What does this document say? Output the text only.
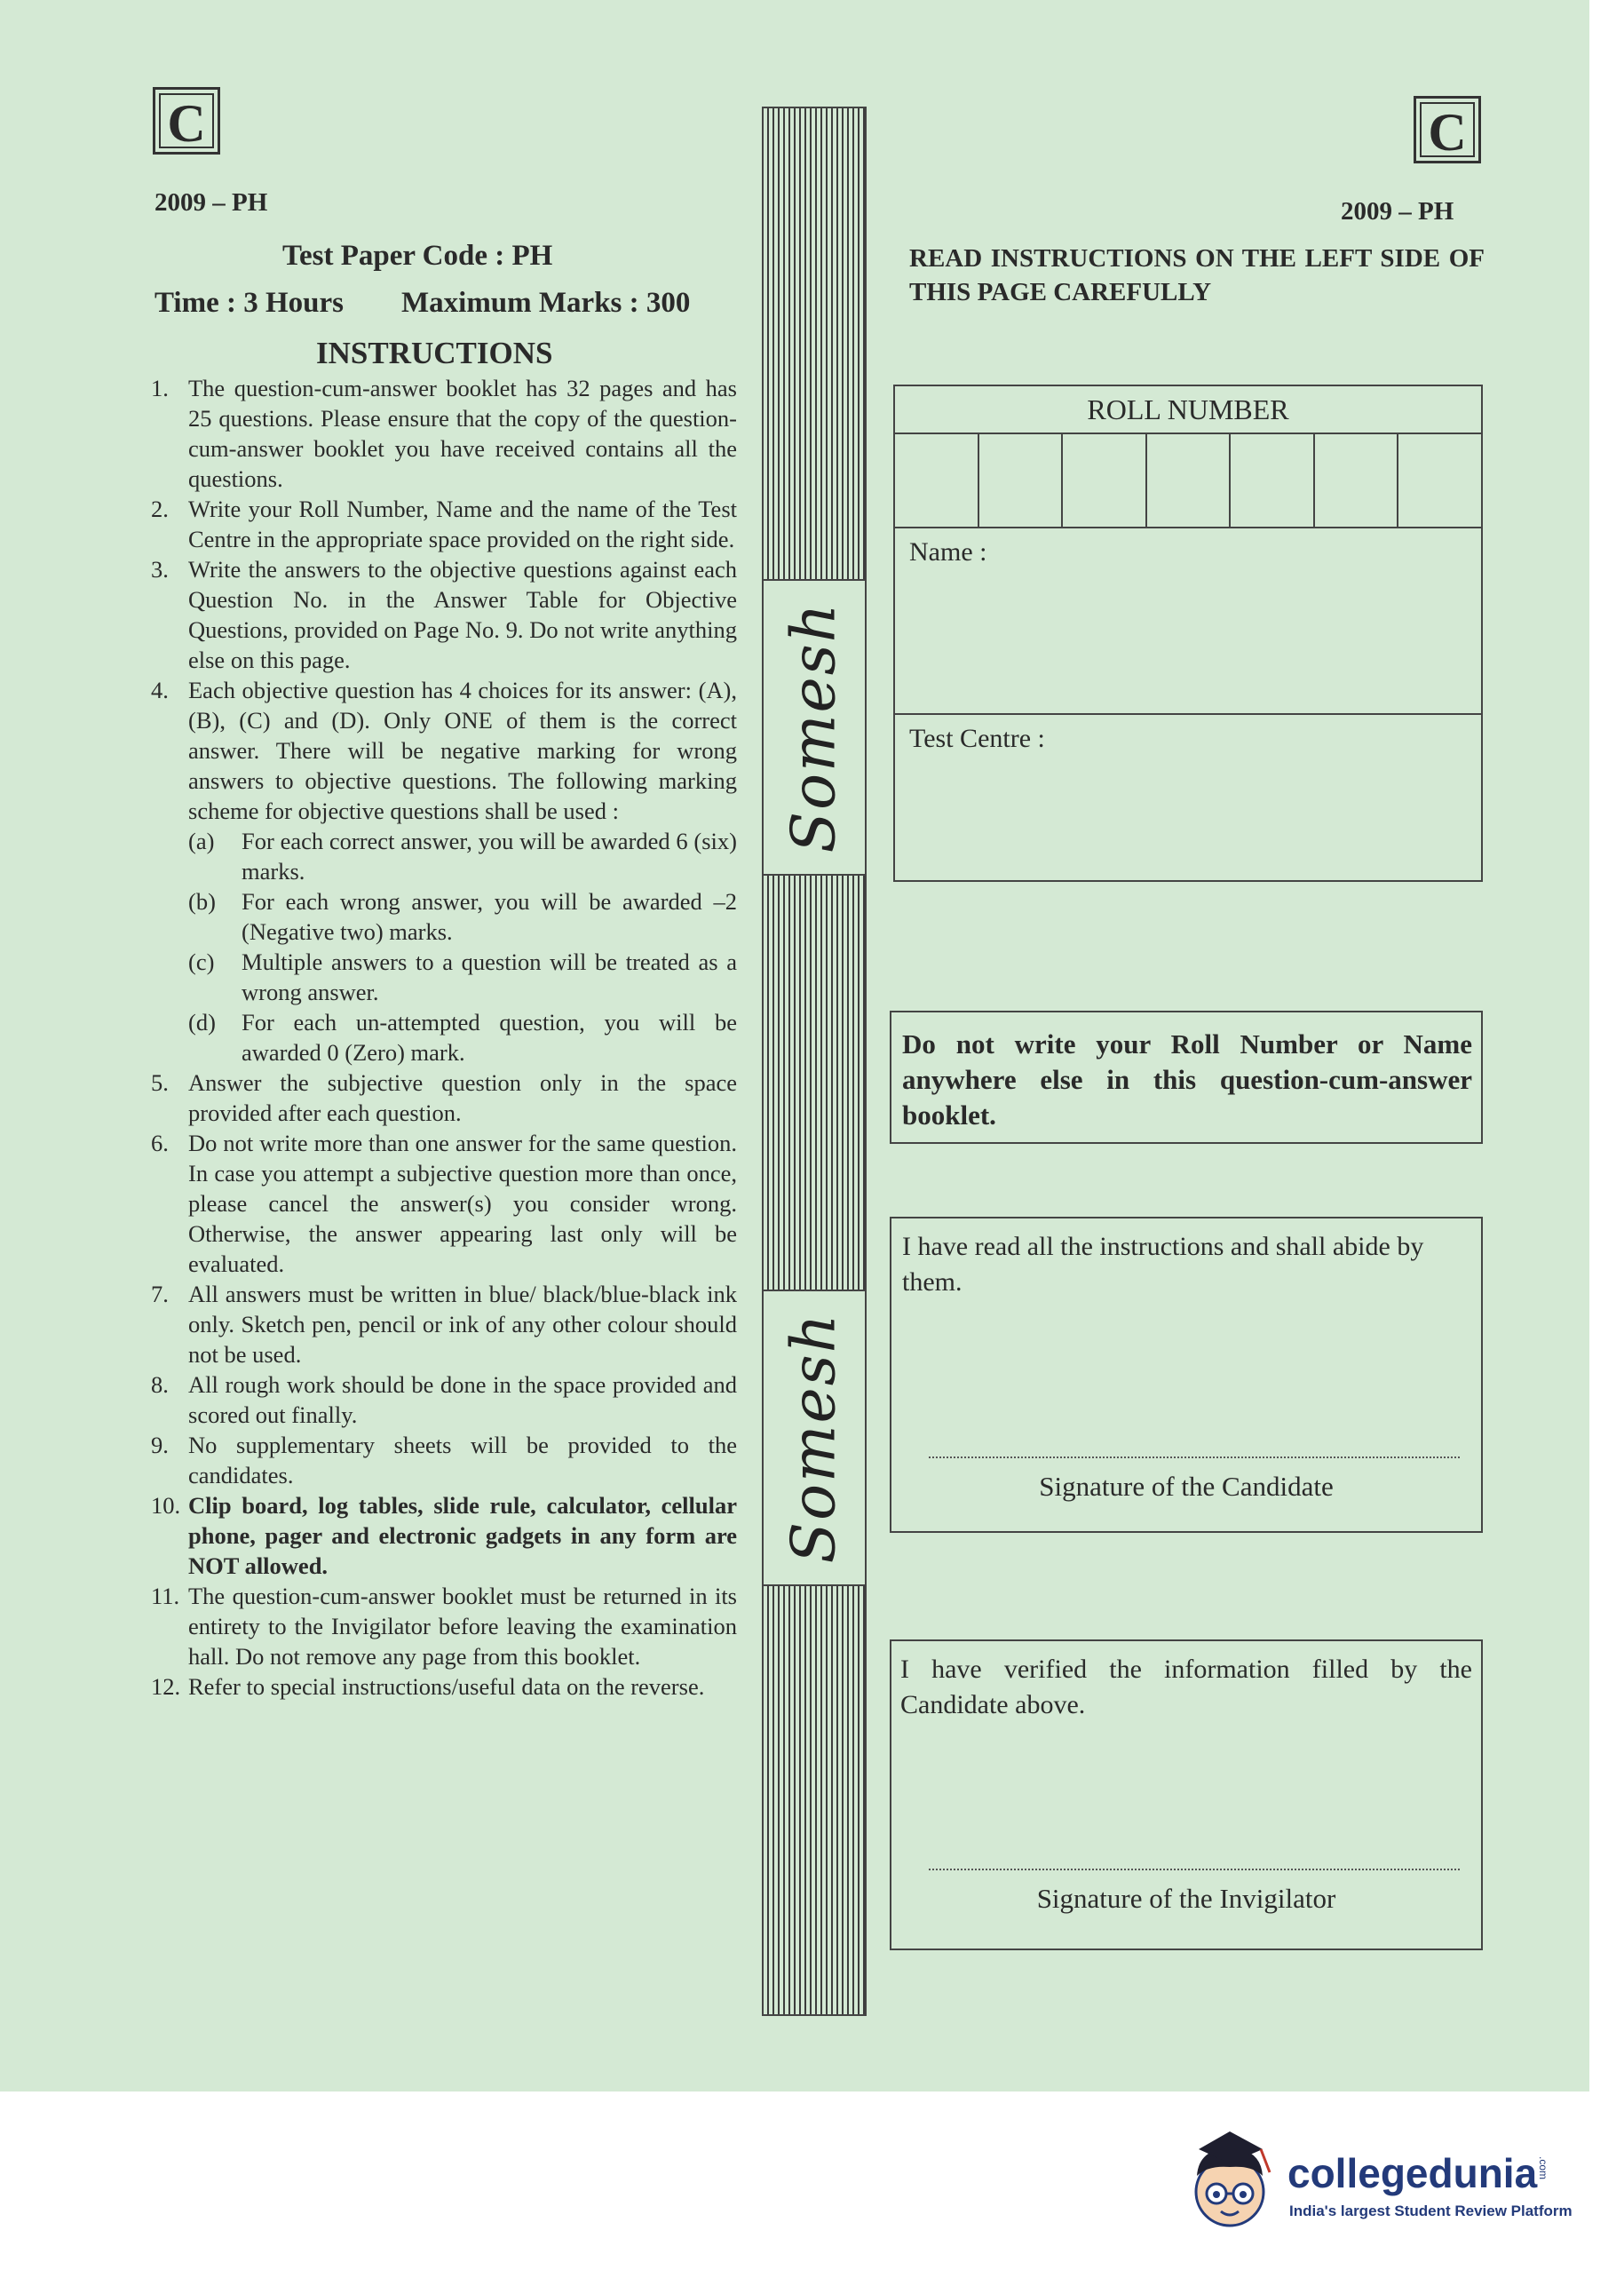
C
2009 – PH
Test Paper Code : PH
Time : 3 Hours Maximum Marks : 300
INSTRUCTIONS
1. The question-cum-answer booklet has 32 pages and has 25 questions. Please ensure that the copy of the question-cum-answer booklet you have received contains all the questions.
2. Write your Roll Number, Name and the name of the Test Centre in the appropriate space provided on the right side.
3. Write the answers to the objective questions against each Question No. in the Answer Table for Objective Questions, provided on Page No. 9. Do not write anything else on this page.
4. Each objective question has 4 choices for its answer: (A), (B), (C) and (D). Only ONE of them is the correct answer. There will be negative marking for wrong answers to objective questions. The following marking scheme for objective questions shall be used :
(a) For each correct answer, you will be awarded 6 (six) marks.
(b) For each wrong answer, you will be awarded –2 (Negative two) marks.
(c) Multiple answers to a question will be treated as a wrong answer.
(d) For each un-attempted question, you will be awarded 0 (Zero) mark.
5. Answer the subjective question only in the space provided after each question.
6. Do not write more than one answer for the same question. In case you attempt a subjective question more than once, please cancel the answer(s) you consider wrong. Otherwise, the answer appearing last only will be evaluated.
7. All answers must be written in blue/ black/blue-black ink only. Sketch pen, pencil or ink of any other colour should not be used.
8. All rough work should be done in the space provided and scored out finally.
9. No supplementary sheets will be provided to the candidates.
10. Clip board, log tables, slide rule, calculator, cellular phone, pager and electronic gadgets in any form are NOT allowed.
11. The question-cum-answer booklet must be returned in its entirety to the Invigilator before leaving the examination hall. Do not remove any page from this booklet.
12. Refer to special instructions/useful data on the reverse.
Somesh
Somesh
C
2009 – PH
READ INSTRUCTIONS ON THE LEFT SIDE OF THIS PAGE CAREFULLY
ROLL NUMBER
Name :
Test Centre :
Do not write your Roll Number or Name anywhere else in this question-cum-answer booklet.
I have read all the instructions and shall abide by them.
Signature of the Candidate
I have verified the information filled by the Candidate above.
Signature of the Invigilator
collegedunia .com
India's largest Student Review Platform
